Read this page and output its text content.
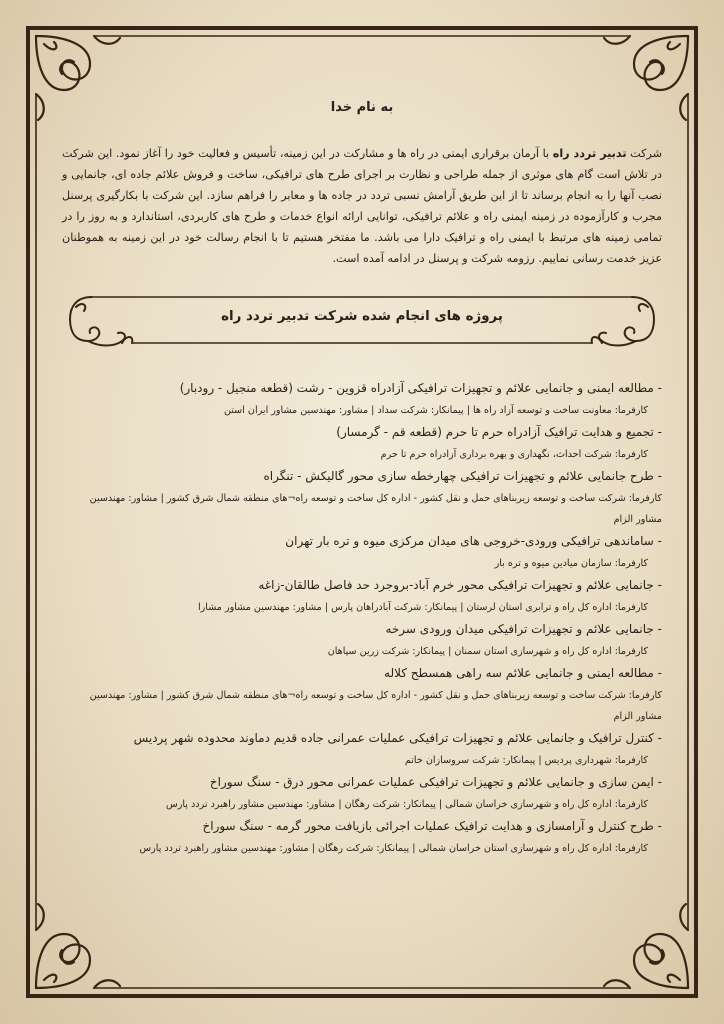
به نام خدا

شرکت تدبیر تردد راه با آرمان برقراری ایمنی در راه ها و مشارکت در این زمینه، تأسیس و فعالیت خود را آغاز نمود. این شرکت در تلاش است گام های موثری از جمله طراحی و نظارت بر اجرای طرح های ترافیکی، ساخت و فروش علائم جاده ای، جانمایی و نصب آنها را به انجام برساند تا از این طریق آرامش نسبی تردد در جاده ها و معابر را فراهم سازد. این شرکت با بکارگیری پرسنل مجرب و کارآزموده در زمینه ایمنی راه و علائم ترافیکی، توانایی ارائه انواع خدمات و طرح های کاربردی، استاندارد و به روز را در تمامی زمینه های مرتبط با ایمنی راه و ترافیک دارا می باشد. ما مفتخر هستیم تا با انجام رسالت خود در این زمینه به هموطنان عزیز خدمت رسانی نماییم. رزومه شرکت و پرسنل در ادامه آمده است.

پروژه های انجام شده شرکت تدبیر تردد راه

- مطالعه ایمنی و جانمایی علائم و تجهیزات ترافیکی آزادراه قزوین - رشت (قطعه منجیل - رودبار)

کارفرما: معاونت ساخت و توسعه آزاد راه ها | پیمانکار: شرکت سداد | مشاور: مهندسین مشاور ایران استن

- تجمیع و هدایت ترافیک آزادراه حرم تا حرم (قطعه قم - گرمسار)

کارفرما: شرکت احداث، نگهداری و بهره برداری آزادراه حرم تا حرم

- طرح جانمایی علائم و تجهیزات ترافیکی چهارخطه سازی محور گالیکش - تنگراه

کارفرما: شرکت ساخت و توسعه زیربناهای حمل و نقل کشور - اداره کل ساخت و توسعه راه¬های منطقه شمال شرق کشور | مشاور: مهندسین مشاور الزام

- ساماندهی ترافیکی ورودی-خروجی های میدان مرکزی میوه و تره بار تهران

کارفرما: سازمان میادین میوه و تره بار

- جانمایی علائم و تجهیزات ترافیکی محور خرم آباد-بروجرد حد فاصل طالقان-زاغه

کارفرما: اداره کل راه و ترابری استان لرستان | پیمانکار: شرکت آبادراهان پارس | مشاور: مهندسین مشاور مشارا

- جانمایی علائم و تجهیزات ترافیکی میدان ورودی سرخه

کارفرما: اداره کل راه و شهرسازی استان سمنان | پیمانکار: شرکت زرین سپاهان

- مطالعه ایمنی و جانمایی علائم سه راهی همسطح کلاله

کارفرما: شرکت ساخت و توسعه زیربناهای حمل و نقل کشور - اداره کل ساخت و توسعه راه¬های منطقه شمال شرق کشور | مشاور: مهندسین مشاور الزام

- کنترل ترافیک و جانمایی علائم و تجهیزات ترافیکی عملیات عمرانی جاده قدیم دماوند محدوده شهر پردیس

کارفرما: شهرداری پردیس | پیمانکار: شرکت سروسازان خاتم

- ایمن سازی و جانمایی علائم و تجهیزات ترافیکی عملیات عمرانی محور درق - سنگ سوراخ

کارفرما: اداره کل راه و شهرسازی خراسان شمالی | پیمانکار: شرکت رهگان | مشاور: مهندسین مشاور راهبرد تردد پارس

- طرح کنترل و آرامسازی و هدایت ترافیک عملیات اجرائی بازیافت محور گرمه - سنگ سوراخ

کارفرما: اداره کل راه و شهرسازی استان خراسان شمالی | پیمانکار: شرکت رهگان | مشاور: مهندسین مشاور راهبرد تردد پارس
